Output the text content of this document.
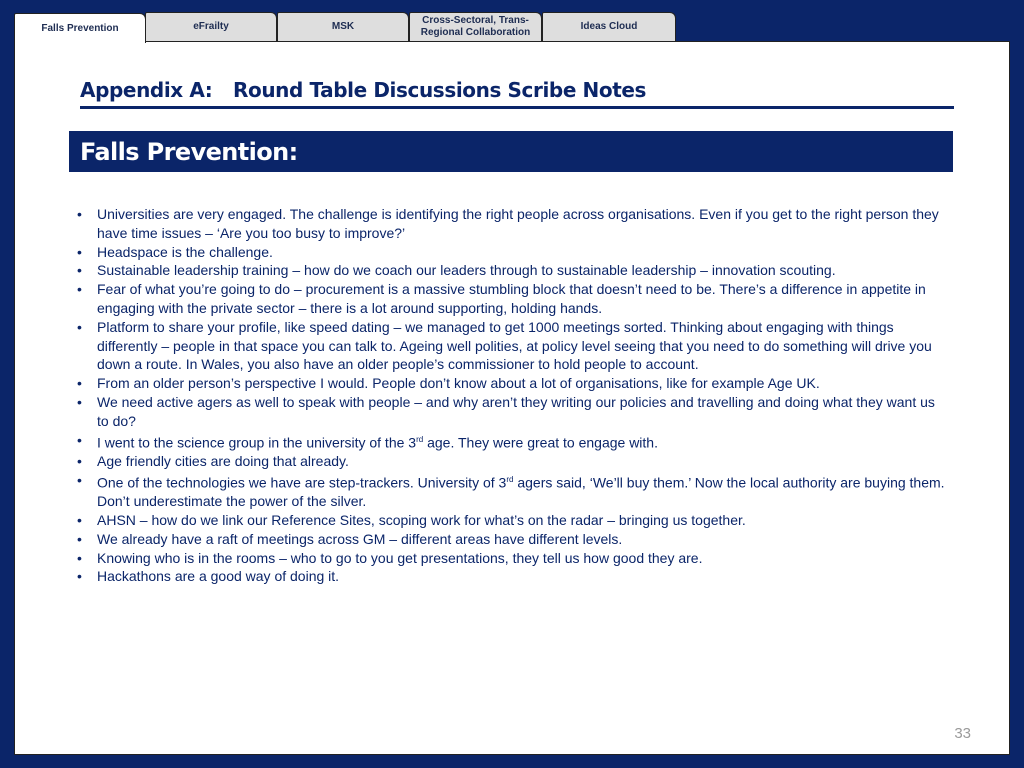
Falls Prevention	eFrailty	MSK
Cross-Sectoral, Trans-
Regional Collaboration
Ideas Cloud
Appendix A: Round Table Discussions Scribe Notes
Falls Prevention:
• Universities are very engaged. The challenge is identifying the right people across organisations. Even if you get to the right person they have time issues – ‘Are you too busy to improve?’
• Headspace is the challenge.
• Sustainable leadership training – how do we coach our leaders through to sustainable leadership – innovation scouting.
• Fear of what you’re going to do – procurement is a massive stumbling block that doesn’t need to be. There’s a difference in appetite in engaging with the private sector – there is a lot around supporting, holding hands.
• Platform to share your profile, like speed dating – we managed to get 1000 meetings sorted. Thinking about engaging with things differently – people in that space you can talk to. Ageing well polities, at policy level seeing that you need to do something will drive you down a route. In Wales, you also have an older people’s commissioner to hold people to account.
• From an older person’s perspective I would. People don’t know about a lot of organisations, like for example Age UK.
• We need active agers as well to speak with people – and why aren’t they writing our policies and travelling and doing what they want us to do?
• I went to the science group in the university of the 3rd age. They were great to engage with.
• Age friendly cities are doing that already.
• One of the technologies we have are step-trackers. University of 3rd agers said, ‘We’ll buy them.’ Now the local authority are buying them. Don’t underestimate the power of the silver.
• AHSN – how do we link our Reference Sites, scoping work for what’s on the radar – bringing us together.
• We already have a raft of meetings across GM – different areas have different levels.
• Knowing who is in the rooms – who to go to you get presentations, they tell us how good they are.
• Hackathons are a good way of doing it.
33
